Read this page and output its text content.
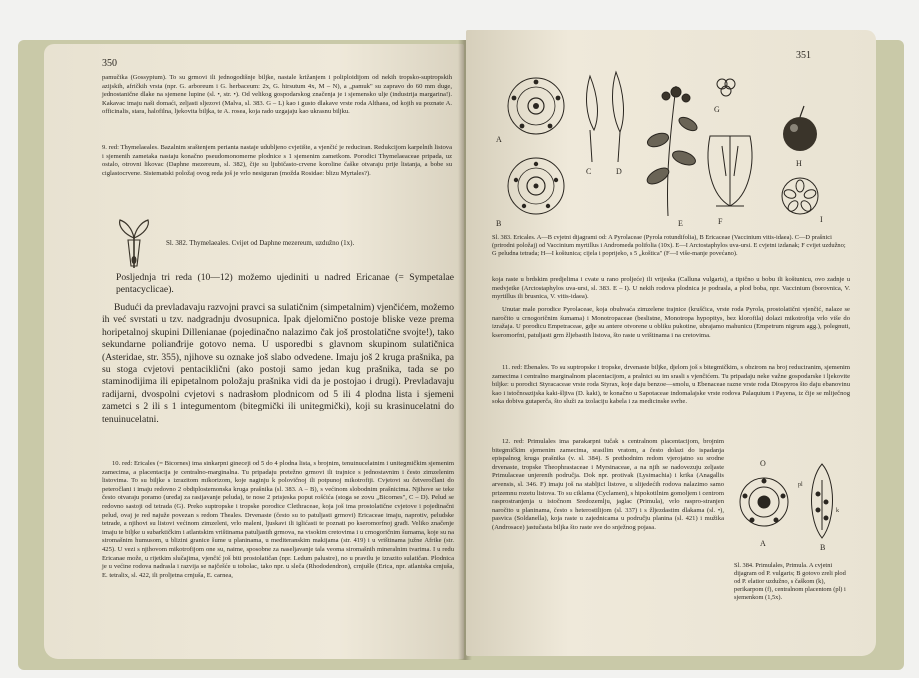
350
pamučika (Gossypium). To su grmovi ili jednogodišnje biljke, nastale križanjem i poliploidijom od nekih tropsko-suptropskih azijskih, afričkih vrsta (npr. G. arboreum i G. herbaceum: 2x, G. hirsutum 4x, M – N), a „pamuk" su zapravo do 60 mm duge, jednostanične dlake na sjemene lupine (sl. •, str. •). Od velikog gospodarskog značenja je i sjemensko ulje (industrija margarina!). Kakavac imaju naši domaći, zeljasti sljezovi (Malva, sl. 383. G – L) kao i gusto dlakave vrste roda Althaea, od kojih su poznate A. officinalis, stara, halofilna, ljekovita biljka, te A. rosea, koja rado uzgajaju kao ukrasnu biljku.
9. red: Thymelaeales. Bazalnim sraštenjem perianta nastaje udubljeno cvjetište, a vjenčić je reduciran. Redukcijom karpelnih listova i sjemenih zametaka nastaju konačno pseudomonomerne plodnice s 1 sjemenim zametkom. Porodici Thymelaeaceae pripada, uz ostalo, otrovni likovac (Daphne mezereum, sl. 382), čije su ljubičasto-crvene koroline čaške otvaraju prije listanja, a bobe su ciglastocrvene. Sistematski položaj ovog reda još je vrlo nesiguran (možda Rosidae: blizu Myrtales?).
Sl. 382. Thymelaeales. Cvijet od Daphne mezereum, uzdužno (1x).
Posljednja tri reda (10—12) možemo ujediniti u nadred Ericanae (= Sympetalae pentacyclicae).
Budući da prevladavaju razvojni pravci sa sulatičnim (simpetalnim) vjenčićem, možemo ih već svrstati u tzv. nadgradnju dvosupnica. Ipak djelomično postoje bliske veze prema horipetalnoj skupini Dillenianae (pojedinačno nalazimo čak još prostolatične svojte!), tako sekundarne polianđrije gotovo nema. U usporedbi s glavnom skupinom sulatičnica (Asteridae, str. 355), njihove su oznake još slabo odvedene. Imaju još 2 kruga prašnika, pa su stoga cvjetovi pentaciklični (ako postoji samo jedan kug prašnika, tada se po staminodijima ili epipetalnom položaju prašnika vidi da je postojao i drugi). Prevladavaju radijarni, dvospolni cvjetovi s nadrasłom plodnicom od 5 ili 4 plodna lista i sjemeni zametci s 2 ili s 1 integumentom (bitegmički ili unitegmički), koji su krasinucelatni do tenuinucelatni.
10. red: Ericales (= Bicornes) ima sinkarpni gineceji od 5 do 4 plodna lista, s brojnim, tenuinucelatnim i unitegmičkim sjemenim zamecima, a placentacija je centralno-marginalna. Tu pripadaju pretežno grmovi ili trajnice s jednostavnim i često zimzelenim listovima. To su biljke s izrazitom mikorizom, koje naginju k polovičnoj ili potpunoj mikotrofiji. Cvjetovi su četveročlani do peteročlani i imaju redovno 2 obdiplostemonska kruga prašnika (sl. 383. A – B), s većinom slobodnim prašnicima. Njihove se teke često otvaraju poramo (uređaj za rasijavanje peluda), te nose 2 prisjeska poput rošćića (stoga se zovu „Bicornes", C – D). Pelud se redovno sastoji od tetrada (G). Preko suptropske i tropske porodice Clethraceae, koja još ima prostolatične cvjetove i pojedinačni pelud, ovaj je red najuže povezan s redom Theales. Drvenaste (često su to patuljasti grmovi) Ericaceae imaju, naprotiv, peludske tetrade, a njihovi su listovi većinom zimzeleni, vrlo maleni, ljuskavi ili iglićasti te poznati po kseromorfnoj građi. Veliko značenje imaju te biljke u subarktičkim i atlantskim vrištinama patuljastih grmova, na visokim cretovima i u crnogoričnim šumama, koje su na siromašnim humusom, u blizini granice šume u planinama, u mediteranskim makijama (str. 419) i u vrištinama južne Afrike (str. 425). U vezi s njihovom mikotrofijom one su, naime, sposobne za naseljavanje tala veoma siromašnih mineralnim tvarima. I u redu Ericanae može, u rijetkim slučajima, vjenčić još biti prostolatičan (npr. Ledum palustre), no u pravilu je izrazito sulatičan. Plodnica je u većine rodova nadrasla i razvija se najčešće u tobolac, tako npr. u sleča (Rhododendron), crnjušle (Erica, npr. atlantska crnjuša, E. tetralix, sl. 422, ili proljetna crnjuša, E. carnea,
351
A
B
C	D
E
G
F
H
I
Sl. 383. Ericales. A—B cvjetni dijagrami od: A Pyrolaceae (Pyrola rotundifolia), B Ericaceae (Vaccinium vitis-idaea). C—D prašnici (prirodni položaj) od Vaccinium myrtillus i Andromeda polifolia (10x). E—I Arctostaphylos uva-ursi. E cvjetni izdanak; F cvijet uzdužno; G peludna tetrada; H—I koštunica; cijela i poprijeko, s 5 „koštica" (F—I više-manje povećano).
koja raste u brdskim predjelima i cvate u rano proljeće) ili vrijeska (Calluna vulgaris), a tipično u bobu ili koštunicu, ovo zadnje u medvjetke (Arctostaphylos uva-ursi, sl. 383. E – I). U nekih rodova plodnica je podrasla, a plod boba, npr. Vaccinium (borovnica, V. myrtillus ili brusnica, V. vitis-idaea).
Unutar male porodice Pyrolaceae, koja obuhvaća zimzelene trajnice (kruščica, vrste roda Pyrola, prostolatični vjenčić, nalaze se naročito u crnogoričnim šumama) i Monotropaceae (beslistne, Monotropa hypopitys, bez klorofila) dolazi mikotrofija vrlo više do izražaja. U porodicu Empetraceae, gdje su antere otvorene u obliku pukotine, ubrajamo mahunicu (Empetrum nigrum agg.), polegnuti, kseromorfni, patuljasti grm žljebastih listova, što raste u vrištinama i na cretovima.
11. red: Ebenales. To su suptropske i tropske, drvenaste biljke, djelom još s bitegmičkim, s obzirom na broj reduciranim, sjemenim zamecima i centralno marginalnom placentacijom, a pralnici su im srasli s vjenčićem. Tu pripadaju neke važne gospodarske i ljekovite biljke: u porodici Styracaceae vrste roda Styrax, koje daju benzoe—smolu, u Ebenaceae razne vrste roda Diospyros što daju ebanovinu kao i istočnoazijska kaki-šljiva (D. kaki), te konačno u Sapotaceae indomalajske vrste rodova Palaquium i Payena, iz čije se mliječnog soka dobiva gutaperča, što služi za izolaciju kabela i za medicinske svrhe.
12. red: Primulales ima parakarpni tučak s centralnom placentacijom, brojnim bitegmičkim sjemenim zamecima, srasilim vratom, a često dolazi do ispadanja epispalnog kruga prašnika (v. sl. 384). S prethodnim redom vjerojatno su srodne drvenaste, tropske Theophrastaceae i Myrsinaceae, a na njih se nadovezuju zeljaste Primulaceae unjerenih područja. Dok npr. protivak (Lysimachia) i krika (Anagallis arvensis, sl. 346. F) imaju još na stabljici listove, u slijedećih rodova nalazimo samo prizemnu rozetu listova. To su ciklama (Cyclamen), s hipokotilnim gomoljem i centrom rasprostranjenja u istočnom Sredozemlju, jaglac (Primula), vrlo raspro-stranjen naročito u planinama, često s heterostilijom (sl. 337) i s žljezdastim dlakama (sl. •), pasvica (Soldanella), koja raste u zajednicama u području planina (sl. 421) i mužika (Androsace) jastučasta biljka što raste sve do snježnog pojasa.
O
A
pl
k
B
Sl. 384. Primulales, Primula. A cvjetni dijagram od P. vulgaris; B gotovo zreli plod od P. elatior uzdužno, s čaškom (k), perikarpom (f), centralnom placentom (pl) i sjemenkom (1,5x).
